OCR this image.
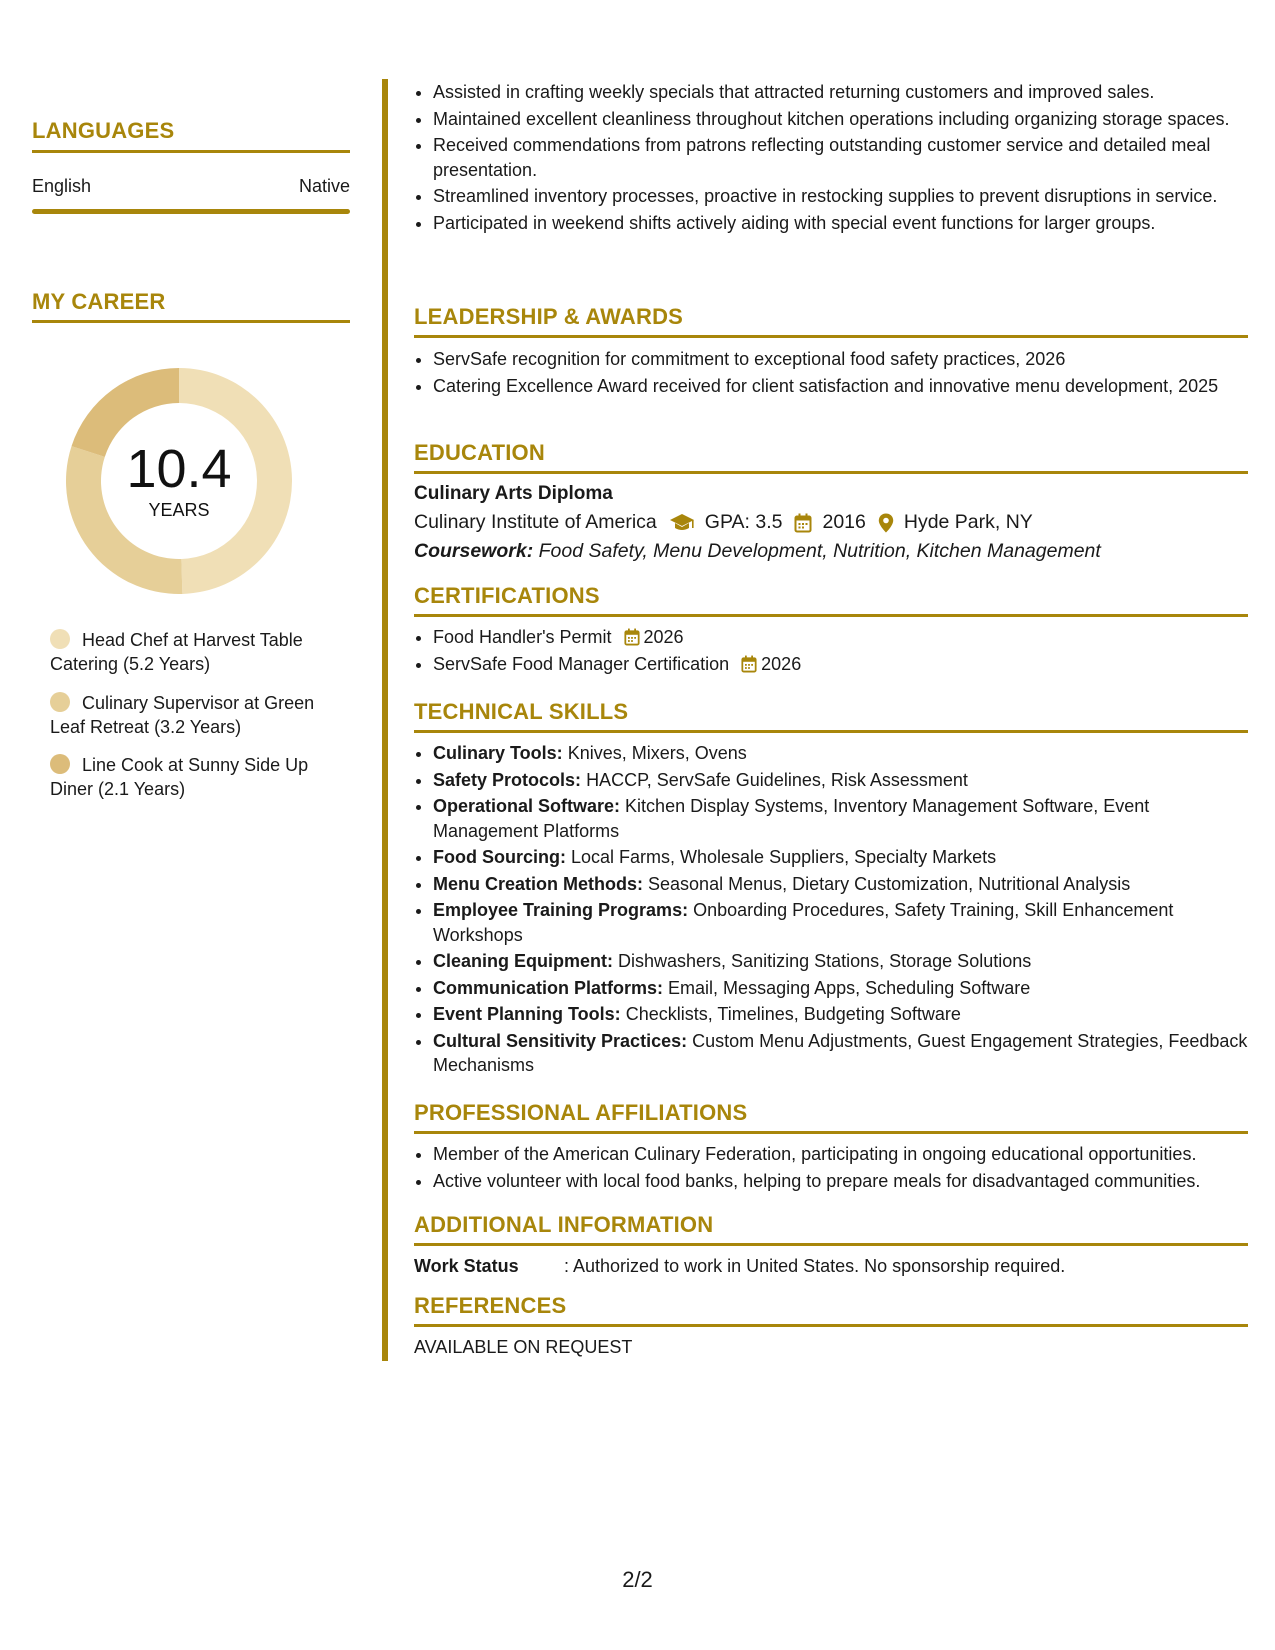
LANGUAGES
English	Native
MY CAREER
10.4
YEARS
Head Chef at Harvest Table Catering (5.2 Years)
Culinary Supervisor at Green Leaf Retreat (3.2 Years)
Line Cook at Sunny Side Up Diner (2.1 Years)
• Assisted in crafting weekly specials that attracted returning customers and improved sales.
• Maintained excellent cleanliness throughout kitchen operations including organizing storage spaces.
• Received commendations from patrons reflecting outstanding customer service and detailed meal presentation.
• Streamlined inventory processes, proactive in restocking supplies to prevent disruptions in service.
• Participated in weekend shifts actively aiding with special event functions for larger groups.
LEADERSHIP & AWARDS
• ServSafe recognition for commitment to exceptional food safety practices, 2026
• Catering Excellence Award received for client satisfaction and innovative menu development, 2025
EDUCATION
Culinary Arts Diploma
Culinary Institute of America GPA: 3.5 2016 Hyde Park, NY
Coursework: Food Safety, Menu Development, Nutrition, Kitchen Management
CERTIFICATIONS
• Food Handler's Permit 2026
• ServSafe Food Manager Certification 2026
TECHNICAL SKILLS
• Culinary Tools: Knives, Mixers, Ovens
• Safety Protocols: HACCP, ServSafe Guidelines, Risk Assessment
• Operational Software: Kitchen Display Systems, Inventory Management Software, Event Management Platforms
• Food Sourcing: Local Farms, Wholesale Suppliers, Specialty Markets
• Menu Creation Methods: Seasonal Menus, Dietary Customization, Nutritional Analysis
• Employee Training Programs: Onboarding Procedures, Safety Training, Skill Enhancement Workshops
• Cleaning Equipment: Dishwashers, Sanitizing Stations, Storage Solutions
• Communication Platforms: Email, Messaging Apps, Scheduling Software
• Event Planning Tools: Checklists, Timelines, Budgeting Software
• Cultural Sensitivity Practices: Custom Menu Adjustments, Guest Engagement Strategies, Feedback Mechanisms
PROFESSIONAL AFFILIATIONS
• Member of the American Culinary Federation, participating in ongoing educational opportunities.
• Active volunteer with local food banks, helping to prepare meals for disadvantaged communities.
ADDITIONAL INFORMATION
Work Status	: Authorized to work in United States. No sponsorship required.
REFERENCES
AVAILABLE ON REQUEST
2/2
